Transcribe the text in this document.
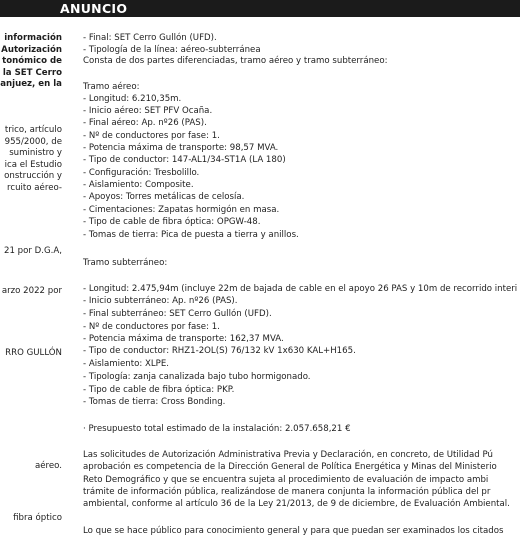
ANUNCIO
información
Autorización
tonómico de
la SET Cerro
anjuez, en la
trico, artículo
955/2000, de
suministro y
ica el Estudio
onstrucción y
rcuito aéreo-
21 por D.G.A,
arzo 2022 por
RRO GULLÓN
aéreo.
fibra óptico
- Final: SET Cerro Gullón (UFD).
- Tipología de la línea: aéreo-subterránea
Consta de dos partes diferenciadas, tramo aéreo y tramo subterráneo:
Tramo aéreo:
- Longitud: 6.210,35m.
- Inicio aéreo: SET PFV Ocaña.
- Final aéreo: Ap. nº26 (PAS).
- Nº de conductores por fase: 1.
- Potencia máxima de transporte: 98,57 MVA.
- Tipo de conductor: 147-AL1/34-ST1A (LA 180)
- Configuración: Tresbolillo.
- Aislamiento: Composite.
- Apoyos: Torres metálicas de celosía.
- Cimentaciones: Zapatas hormigón en masa.
- Tipo de cable de fibra óptica: OPGW-48.
- Tomas de tierra: Pica de puesta a tierra y anillos.
Tramo subterráneo:
- Longitud: 2.475,94m (incluye 22m de bajada de cable en el apoyo 26 PAS y 10m de recorrido interi
- Inicio subterráneo: Ap. nº26 (PAS).
- Final subterráneo: SET Cerro Gullón (UFD).
- Nº de conductores por fase: 1.
- Potencia máxima de transporte: 162,37 MVA.
- Tipo de conductor: RHZ1-2OL(S) 76/132 kV 1x630 KAL+H165.
- Aislamiento: XLPE.
- Tipología: zanja canalizada bajo tubo hormigonado.
- Tipo de cable de fibra óptica: PKP.
- Tomas de tierra: Cross Bonding.
· Presupuesto total estimado de la instalación: 2.057.658,21 €
Las solicitudes de Autorización Administrativa Previa y Declaración, en concreto, de Utilidad Pú
aprobación es competencia de la Dirección General de Política Energética y Minas del Ministerio
Reto Demográfico y que se encuentra sujeta al procedimiento de evaluación de impacto ambi
trámite de información pública, realizándose de manera conjunta la información pública del pr
ambiental, conforme al artículo 36 de la Ley 21/2013, de 9 de diciembre, de Evaluación Ambiental.
Lo que se hace público para conocimiento general y para que puedan ser examinados los citados
